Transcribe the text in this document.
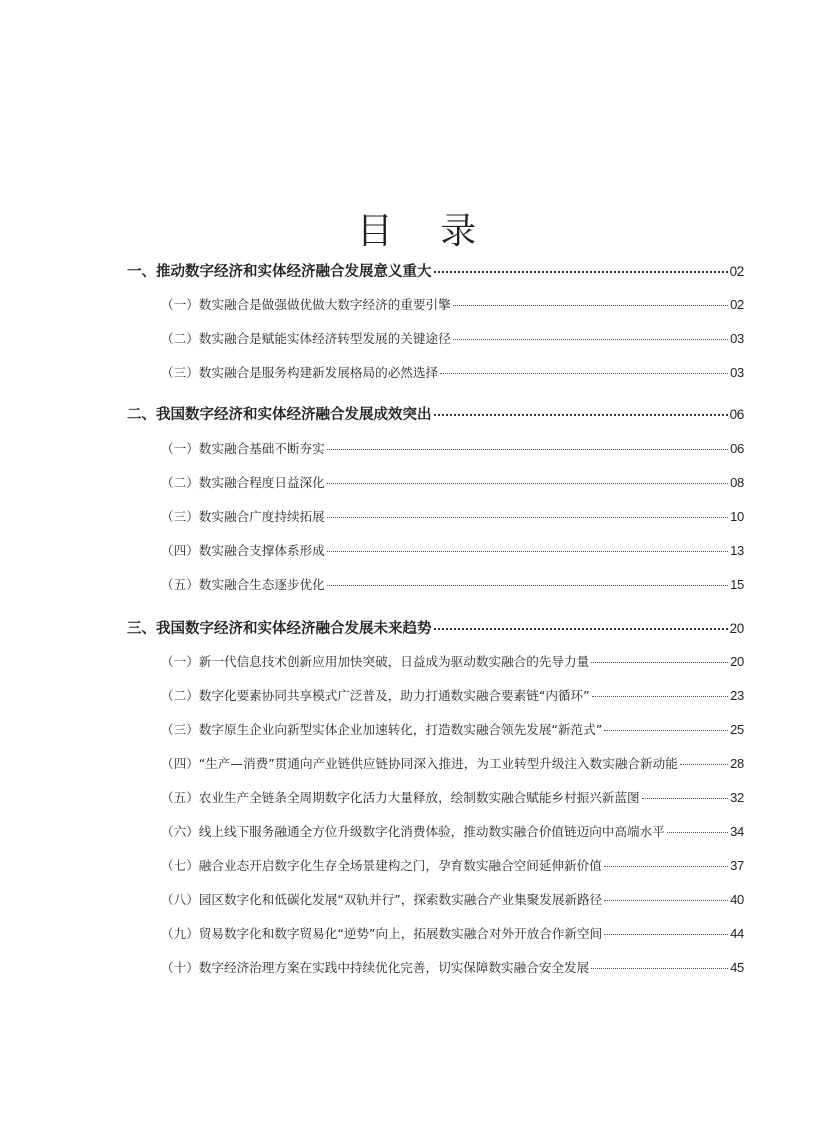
目 录
一、推动数字经济和实体经济融合发展意义重大	02
（一）数实融合是做强做优做大数字经济的重要引擎	02
（二）数实融合是赋能实体经济转型发展的关键途径	03
（三）数实融合是服务构建新发展格局的必然选择	03
二、我国数字经济和实体经济融合发展成效突出	06
（一）数实融合基础不断夯实	06
（二）数实融合程度日益深化	08
（三）数实融合广度持续拓展	10
（四）数实融合支撑体系形成	13
（五）数实融合生态逐步优化	15
三、我国数字经济和实体经济融合发展未来趋势	20
（一）新一代信息技术创新应用加快突破，日益成为驱动数实融合的先导力量	20
（二）数字化要素协同共享模式广泛普及，助力打通数实融合要素链“内循环”	23
（三）数字原生企业向新型实体企业加速转化，打造数实融合领先发展“新范式”	25
（四）“生产—消费”贯通向产业链供应链协同深入推进，为工业转型升级注入数实融合新动能	28
（五）农业生产全链条全周期数字化活力大量释放，绘制数实融合赋能乡村振兴新蓝图	32
（六）线上线下服务融通全方位升级数字化消费体验，推动数实融合价值链迈向中高端水平	34
（七）融合业态开启数字化生存全场景建构之门，孕育数实融合空间延伸新价值	37
（八）园区数字化和低碳化发展“双轨并行”，探索数实融合产业集聚发展新路径	40
（九）贸易数字化和数字贸易化“逆势”向上，拓展数实融合对外开放合作新空间	44
（十）数字经济治理方案在实践中持续优化完善，切实保障数实融合安全发展	45
